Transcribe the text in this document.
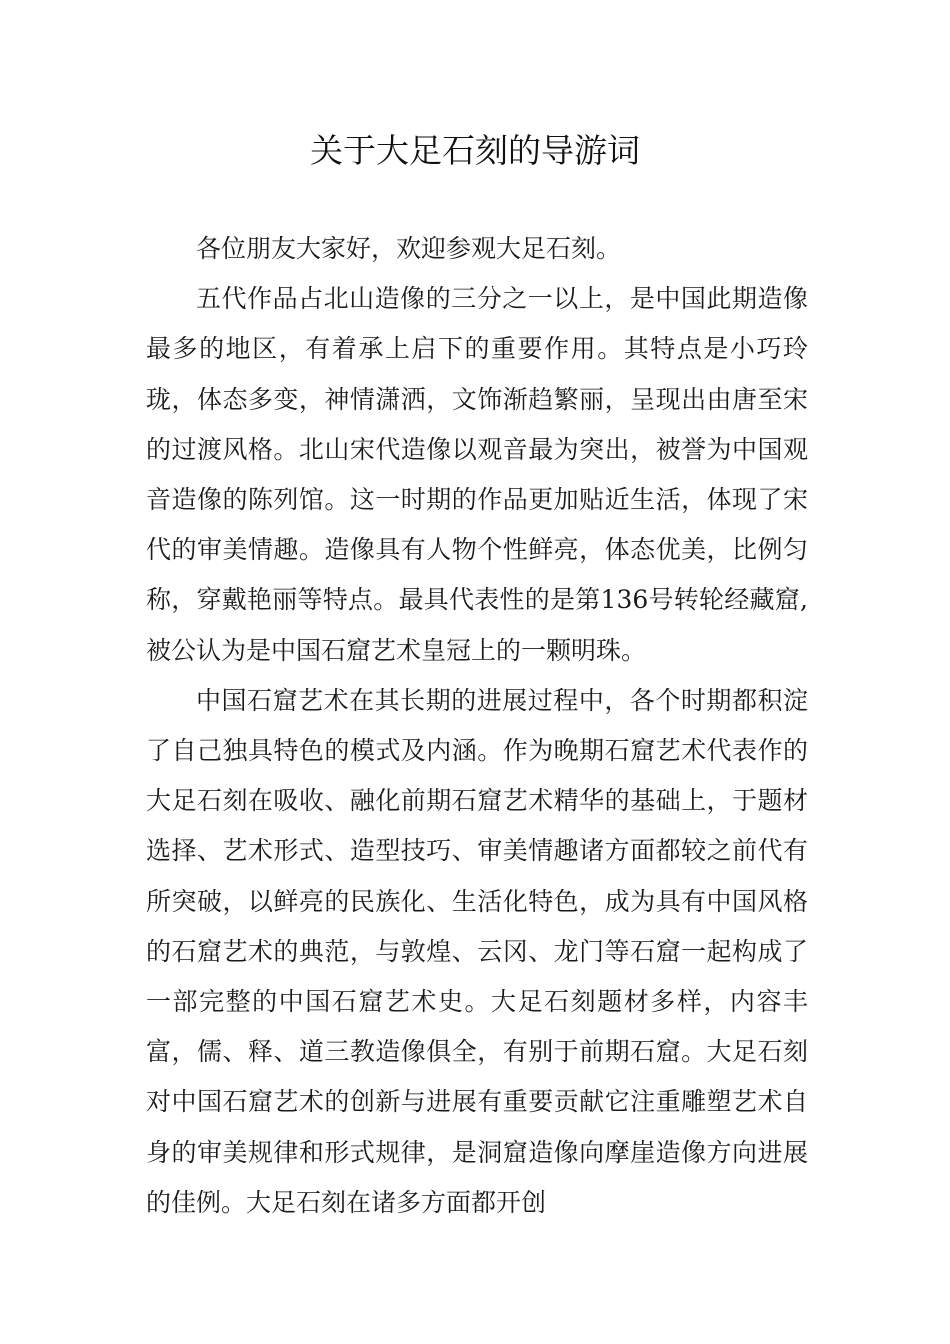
关于大足石刻的导游词

各位朋友大家好，欢迎参观大足石刻。

五代作品占北山造像的三分之一以上，是中国此期造像最多的地区，有着承上启下的重要作用。其特点是小巧玲珑，体态多变，神情潇洒，文饰渐趋繁丽，呈现出由唐至宋的过渡风格。北山宋代造像以观音最为突出，被誉为中国观音造像的陈列馆。这一时期的作品更加贴近生活，体现了宋代的审美情趣。造像具有人物个性鲜亮，体态优美，比例匀称，穿戴艳丽等特点。最具代表性的是第136号转轮经藏窟,被公认为是中国石窟艺术皇冠上的一颗明珠。

中国石窟艺术在其长期的进展过程中，各个时期都积淀了自己独具特色的模式及内涵。作为晚期石窟艺术代表作的大足石刻在吸收、融化前期石窟艺术精华的基础上，于题材选择、艺术形式、造型技巧、审美情趣诸方面都较之前代有所突破，以鲜亮的民族化、生活化特色，成为具有中国风格的石窟艺术的典范，与敦煌、云冈、龙门等石窟一起构成了一部完整的中国石窟艺术史。大足石刻题材多样，内容丰富，儒、释、道三教造像俱全，有别于前期石窟。大足石刻对中国石窟艺术的创新与进展有重要贡献它注重雕塑艺术自身的审美规律和形式规律，是洞窟造像向摩崖造像方向进展的佳例。大足石刻在诸多方面都开创
